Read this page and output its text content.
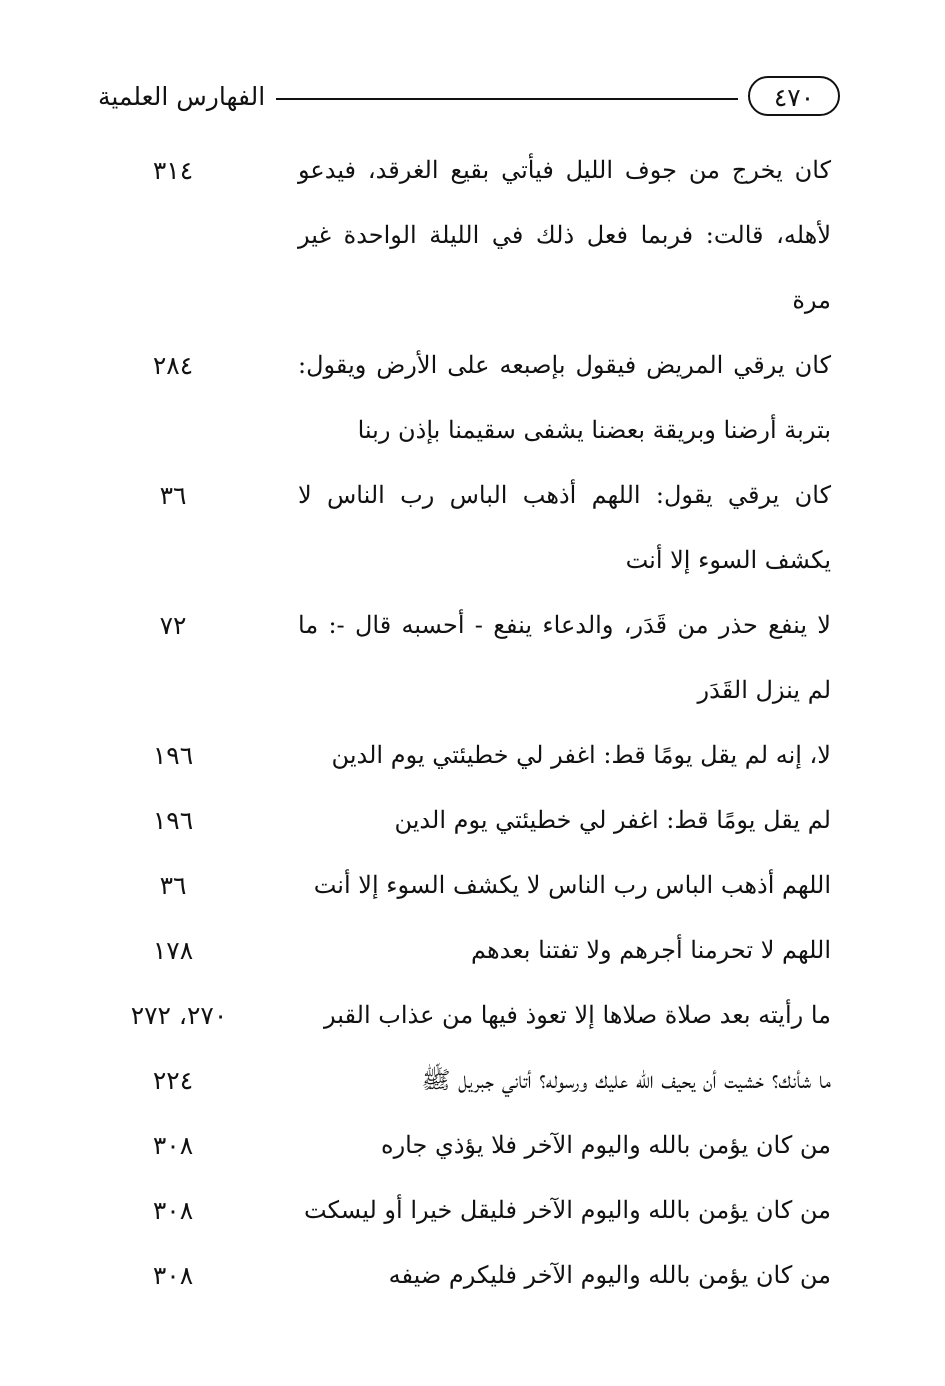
الفهارس العلمية	٤٧٠
كان يخرج من جوف الليل فيأتي بقيع الغرقد، فيدعو لأهله، قالت: فربما فعل ذلك في الليلة الواحدة غير مرة
٣١٤
كان يرقي المريض فيقول بإصبعه على الأرض ويقول: بتربة أرضنا وبريقة بعضنا يشفى سقيمنا بإذن ربنا
٢٨٤
كان يرقي يقول: اللهم أذهب الباس رب الناس لا يكشف السوء إلا أنت
٣٦
لا ينفع حذر من قَدَر، والدعاء ينفع - أحسبه قال -: ما لم ينزل القَدَر
٧٢
لا، إنه لم يقل يومًا قط: اغفر لي خطيئتي يوم الدين
١٩٦
لم يقل يومًا قط: اغفر لي خطيئتي يوم الدين
١٩٦
اللهم أذهب الباس رب الناس لا يكشف السوء إلا أنت
٣٦
اللهم لا تحرمنا أجرهم ولا تفتنا بعدهم
١٧٨
ما رأيته بعد صلاة صلاها إلا تعوذ فيها من عذاب القبر
٢٧٠، ٢٧٢
ما شأنك؟ خشيت أن يحيف الله عليك ورسوله؟ أتاني جبريل ﷺ
٢٢٤
من كان يؤمن بالله واليوم الآخر فلا يؤذي جاره
٣٠٨
من كان يؤمن بالله واليوم الآخر فليقل خيرا أو ليسكت
٣٠٨
من كان يؤمن بالله واليوم الآخر فليكرم ضيفه
٣٠٨
